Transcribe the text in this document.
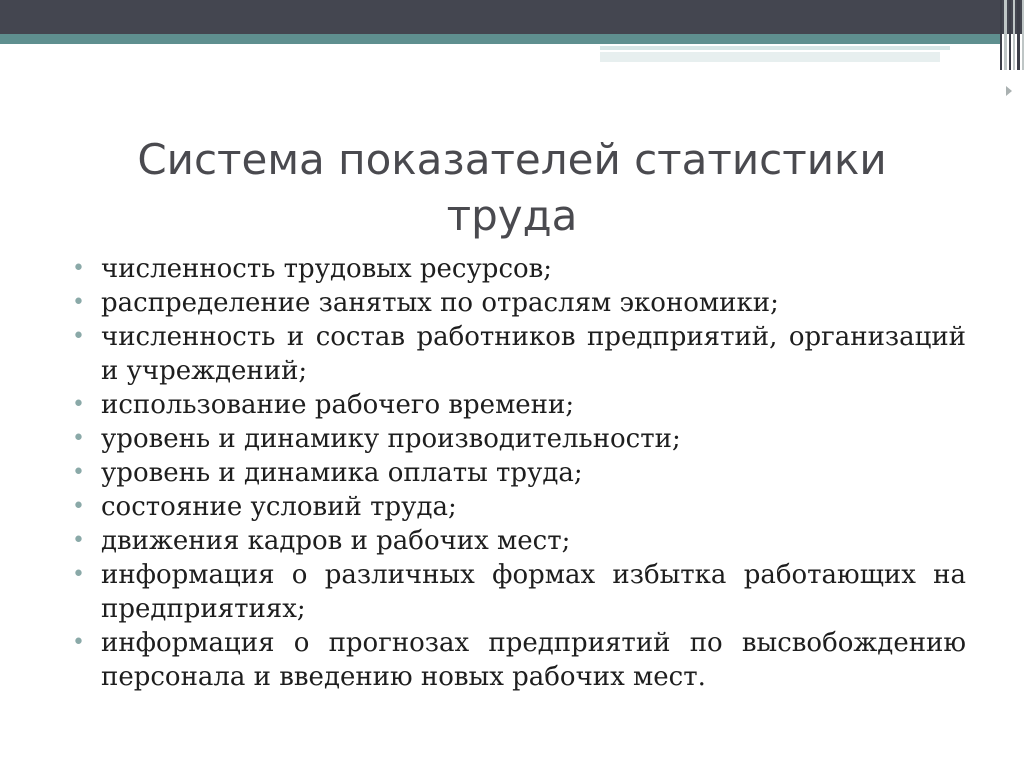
Система показателей статистики
труда
• численность трудовых ресурсов;
• распределение занятых по отраслям экономики;
• численность и состав работников предприятий, организаций и учреждений;
• использование рабочего времени;
• уровень и динамику производительности;
• уровень и динамика оплаты труда;
• состояние условий труда;
• движения кадров и рабочих мест;
• информация о различных формах избытка работающих на предприятиях;
• информация о прогнозах предприятий по высвобождению персонала и введению новых рабочих мест.
